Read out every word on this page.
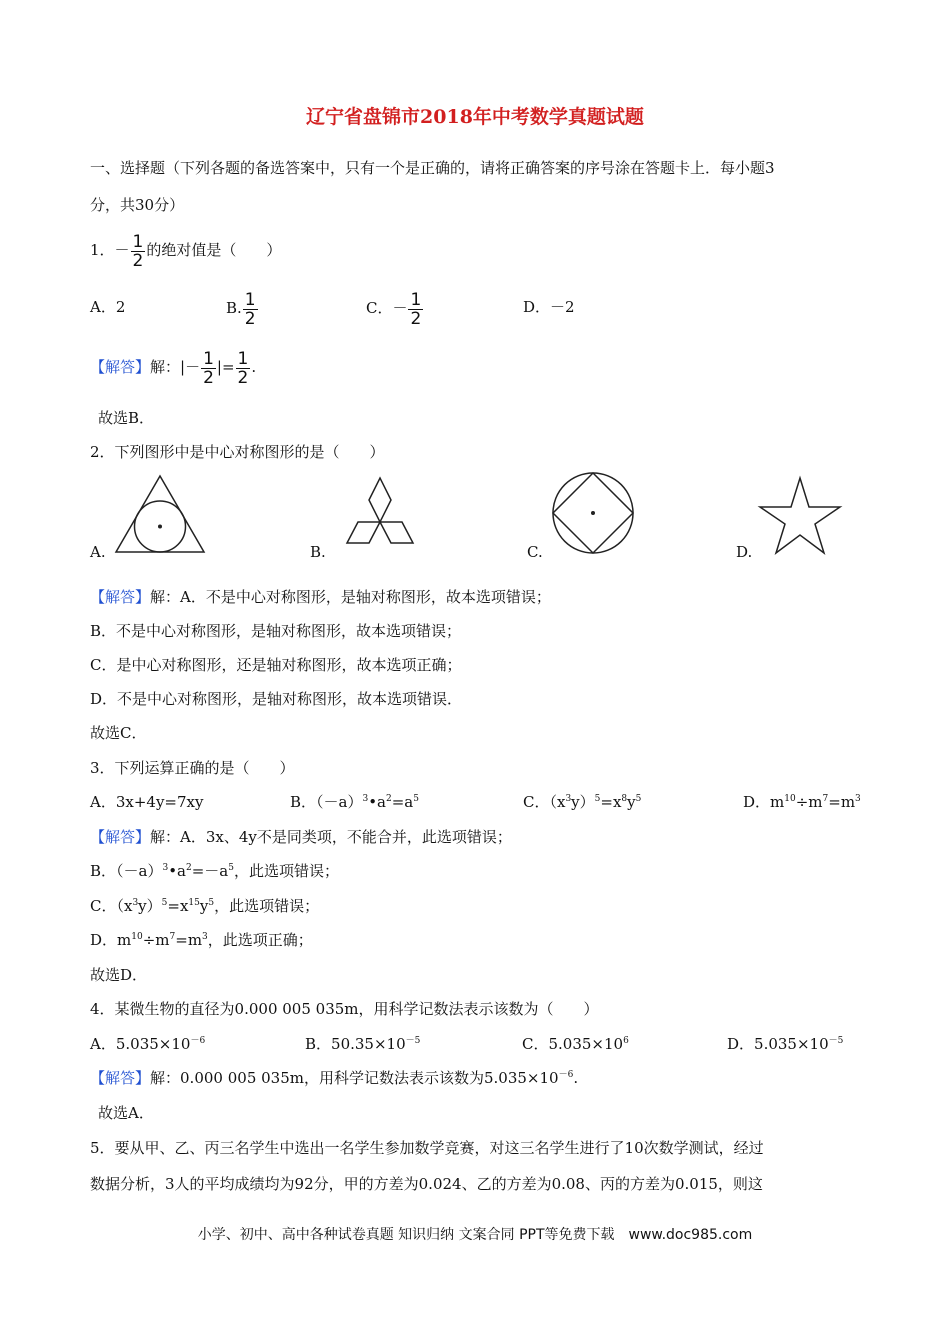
辽宁省盘锦市2018年中考数学真题试题
一、选择题（下列各题的备选答案中，只有一个是正确的，请将正确答案的序号涂在答题卡上．每小题3
分，共30分）
1．－ $\frac{1}{2}$ 的绝对值是（　　）
A．2	B. $\frac{1}{2}$	C．－ $\frac{1}{2}$	D．－2
【解答】解：|－ $\frac{1}{2}$ |= $\frac{1}{2}$ .
故选B．
2．下列图形中是中心对称图形的是（　　）
A.	B.	C.	D.
【解答】解：A．不是中心对称图形，是轴对称图形，故本选项错误；
B．不是中心对称图形，是轴对称图形，故本选项错误；
C．是中心对称图形，还是轴对称图形，故本选项正确；
D．不是中心对称图形，是轴对称图形，故本选项错误．
故选C．
3．下列运算正确的是（　　）
A．3x+4y=7xy	B．$(-a)^3•a^2=a^5$	C．$(x^3y)^5=x^8y^5$	D．$m^{10}\div m^7=m^3$
【解答】解：A．3x、4y不是同类项，不能合并，此选项错误；
B．$(-a)^3•a^2=-a^5$，此选项错误；
C．$(x^3y)^5=x^{15}y^5$，此选项错误；
D．$m^{10}\div m^7=m^3$，此选项正确；
故选D．
4．某微生物的直径为0.000 005 035m，用科学记数法表示该数为（　　）
A．$5.035\times 10^{-6}$	B．$50.35\times 10^{-5}$	C．$5.035\times 10^6$	D．$5.035\times 10^{-5}$
【解答】解：0.000 005 035m，用科学记数法表示该数为$5.035\times 10^{-6}$.
故选A．
5．要从甲、乙、丙三名学生中选出一名学生参加数学竞赛，对这三名学生进行了10次数学测试，经过
数据分析，3人的平均成绩均为92分，甲的方差为0.024、乙的方差为0.08、丙的方差为0.015，则这
小学、初中、高中各种试卷真题 知识归纳 文案合同 PPT等免费下载　www.doc985.com
